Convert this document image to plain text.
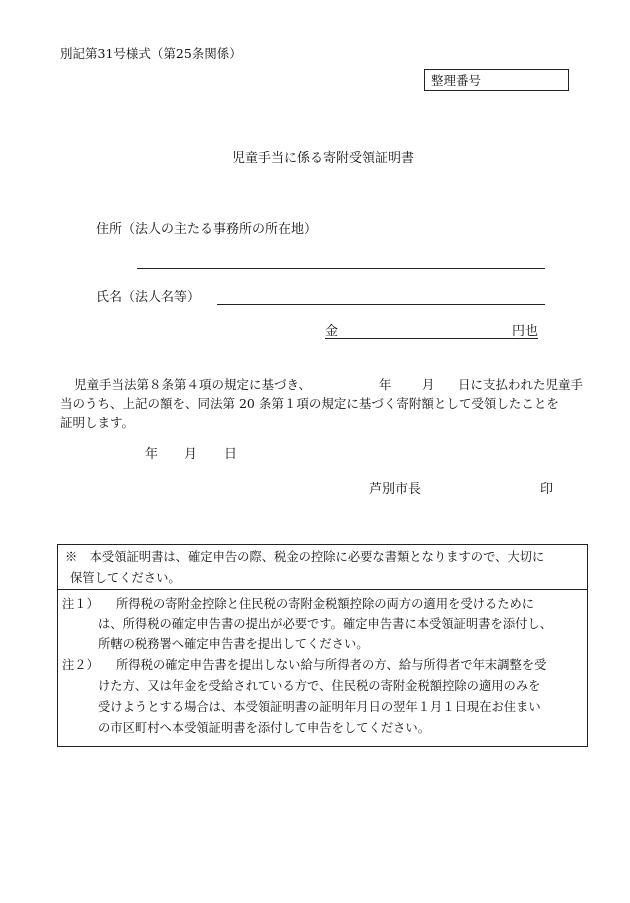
別記第31号様式（第25条関係）
整理番号
児童手当に係る寄附受領証明書
住所（法人の主たる事務所の所在地）
氏名（法人名等）
金	円也
児童手当法第８条第４項の規定に基づき、	年 月 日に支払われた児童手

当のうち、上記の額を、同法第 20 条第１項の規定に基づく寄附額として受領したことを

証明します。

年 月 日
芦別市長	印
※　本受領証明書は、確定申告の際、税金の控除に必要な書類となりますので、大切に
保管してください。
注１） 所得税の寄附金控除と住民税の寄附金税額控除の両方の適用を受けるために
は、所得税の確定申告書の提出が必要です。確定申告書に本受領証明書を添付し、
所轄の税務署へ確定申告書を提出してください。
注２） 所得税の確定申告書を提出しない給与所得者の方、給与所得者で年末調整を受
けた方、又は年金を受給されている方で、住民税の寄附金税額控除の適用のみを
受けようとする場合は、本受領証明書の証明年月日の翌年１月１日現在お住まい
の市区町村へ本受領証明書を添付して申告をしてください。
